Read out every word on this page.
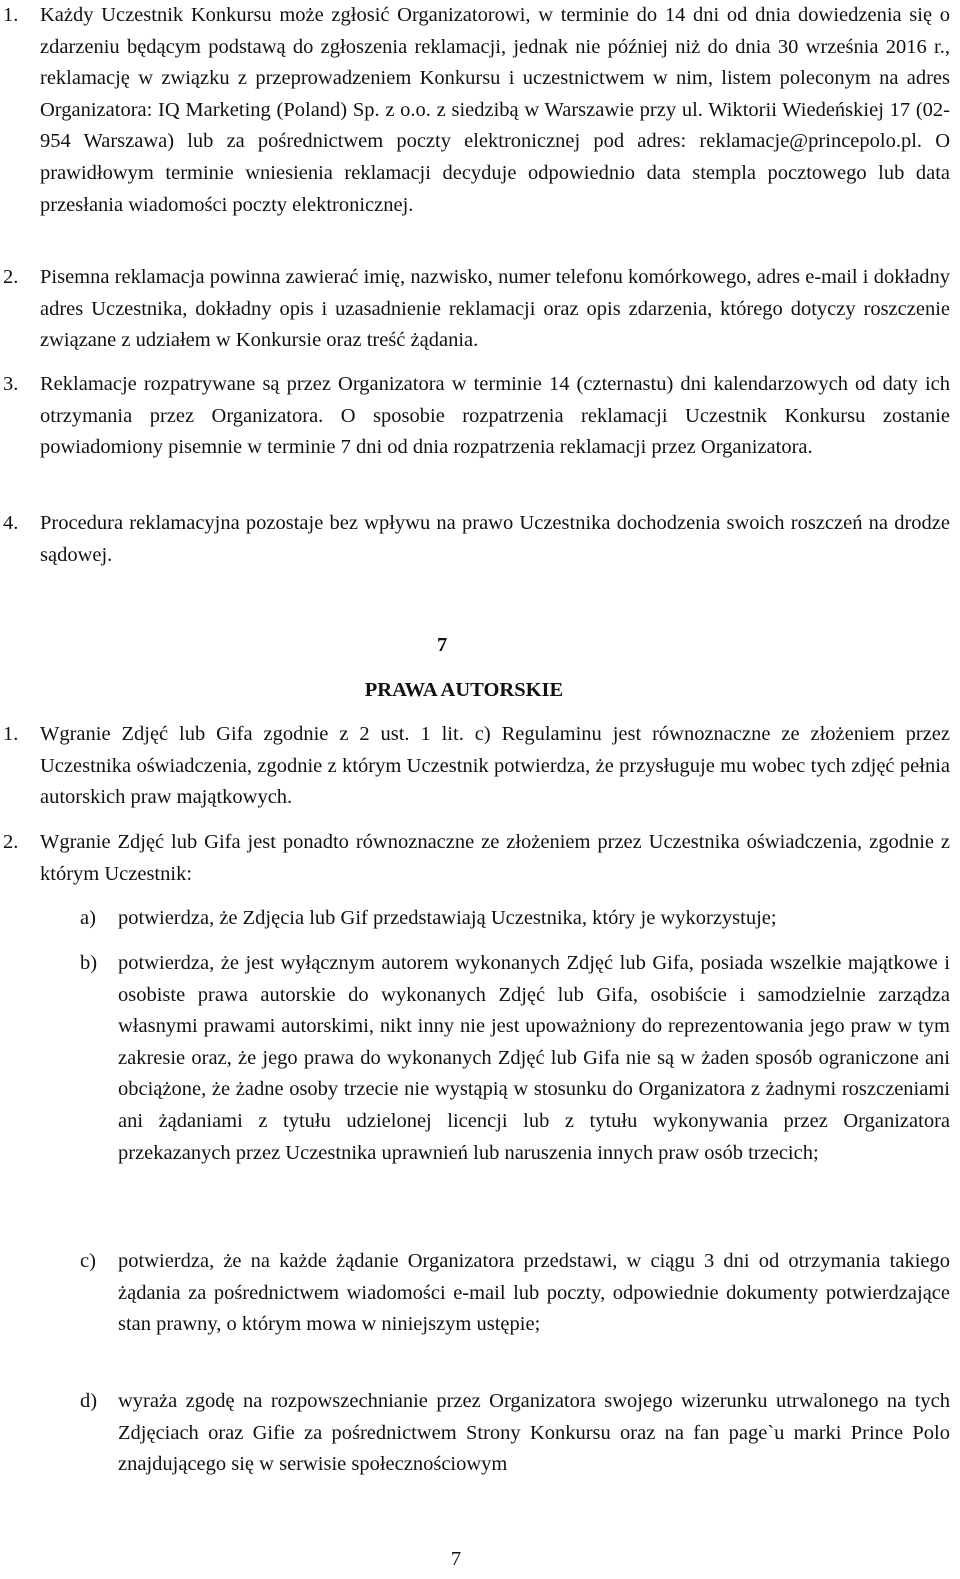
1. Każdy Uczestnik Konkursu może zgłosić Organizatorowi, w terminie do 14 dni od dnia dowiedzenia się o zdarzeniu będącym podstawą do zgłoszenia reklamacji, jednak nie później niż do dnia 30 września 2016 r., reklamację w związku z przeprowadzeniem Konkursu i uczestnictwem w nim, listem poleconym na adres Organizatora: IQ Marketing (Poland) Sp. z o.o. z siedzibą w Warszawie przy ul. Wiktorii Wiedeńskiej 17 (02-954 Warszawa) lub za pośrednictwem poczty elektronicznej pod adres: reklamacje@princepolo.pl. O prawidłowym terminie wniesienia reklamacji decyduje odpowiednio data stempla pocztowego lub data przesłania wiadomości poczty elektronicznej.
2. Pisemna reklamacja powinna zawierać imię, nazwisko, numer telefonu komórkowego, adres e-mail i dokładny adres Uczestnika, dokładny opis i uzasadnienie reklamacji oraz opis zdarzenia, którego dotyczy roszczenie związane z udziałem w Konkursie oraz treść żądania.
3. Reklamacje rozpatrywane są przez Organizatora w terminie 14 (czternastu) dni kalendarzowych od daty ich otrzymania przez Organizatora. O sposobie rozpatrzenia reklamacji Uczestnik Konkursu zostanie powiadomiony pisemnie w terminie 7 dni od dnia rozpatrzenia reklamacji przez Organizatora.
4. Procedura reklamacyjna pozostaje bez wpływu na prawo Uczestnika dochodzenia swoich roszczeń na drodze sądowej.
7
PRAWA AUTORSKIE
1. Wgranie Zdjęć lub Gifa zgodnie z 2 ust. 1 lit. c) Regulaminu jest równoznaczne ze złożeniem przez Uczestnika oświadczenia, zgodnie z którym Uczestnik potwierdza, że przysługuje mu wobec tych zdjęć pełnia autorskich praw majątkowych.
2. Wgranie Zdjęć lub Gifa jest ponadto równoznaczne ze złożeniem przez Uczestnika oświadczenia, zgodnie z którym Uczestnik:
a) potwierdza, że Zdjęcia lub Gif przedstawiają Uczestnika, który je wykorzystuje;
b) potwierdza, że jest wyłącznym autorem wykonanych Zdjęć lub Gifa, posiada wszelkie majątkowe i osobiste prawa autorskie do wykonanych Zdjęć lub Gifa, osobiście i samodzielnie zarządza własnymi prawami autorskimi, nikt inny nie jest upoważniony do reprezentowania jego praw w tym zakresie oraz, że jego prawa do wykonanych Zdjęć lub Gifa nie są w żaden sposób ograniczone ani obciążone, że żadne osoby trzecie nie wystąpią w stosunku do Organizatora z żadnymi roszczeniami ani żądaniami z tytułu udzielonej licencji lub z tytułu wykonywania przez Organizatora przekazanych przez Uczestnika uprawnień lub naruszenia innych praw osób trzecich;
c) potwierdza, że na każde żądanie Organizatora przedstawi, w ciągu 3 dni od otrzymania takiego żądania za pośrednictwem wiadomości e-mail lub poczty, odpowiednie dokumenty potwierdzające stan prawny, o którym mowa w niniejszym ustępie;
d) wyraża zgodę na rozpowszechnianie przez Organizatora swojego wizerunku utrwalonego na tych Zdjęciach oraz Gifie za pośrednictwem Strony Konkursu oraz na fan page`u marki Prince Polo znajdującego się w serwisie społecznościowym
7
